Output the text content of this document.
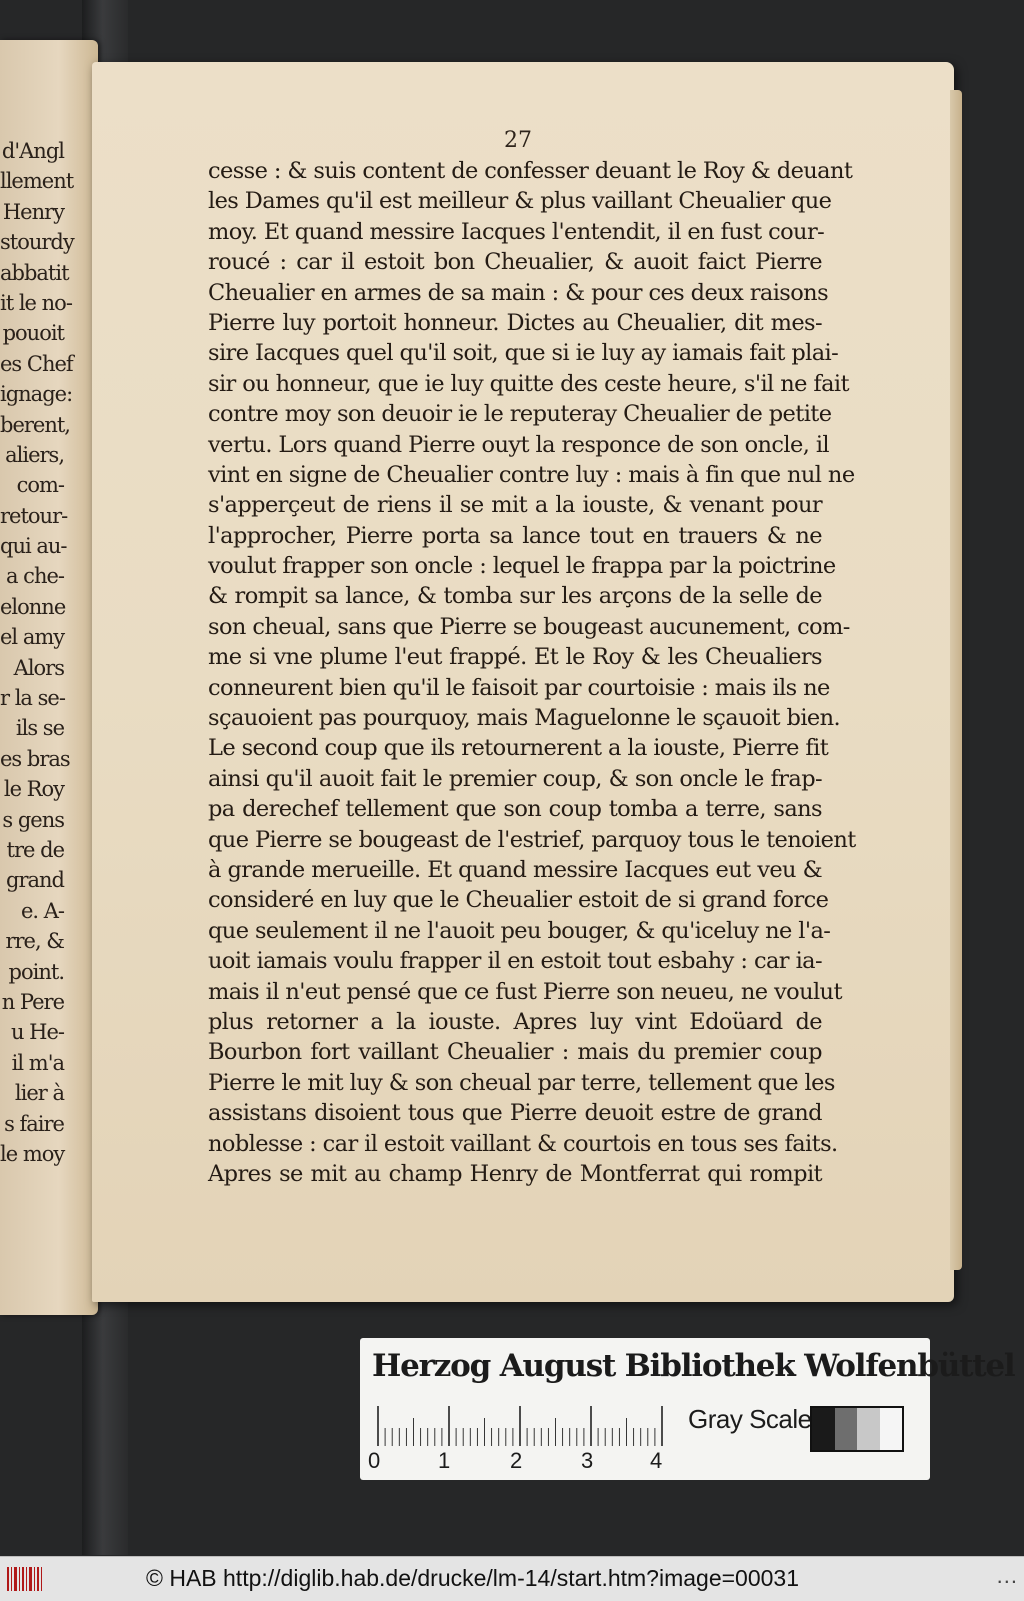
d'Angl
llement
Henry
stourdy
abbatit
it le no-
pouoit
es Chef
ignage:
berent,
aliers,
com-
retour-
qui au-
a che-
elonne
el amy
Alors
r la se-
ils se
es bras
le Roy
s gens
tre de
grand
e. A-
rre, &
point.
n Pere
u He-
il m'a
lier à
s faire
le moy
27
cesse : & suis content de confesser deuant le Roy & deuant
les Dames qu'il est meilleur & plus vaillant Cheualier que
moy. Et quand messire Iacques l'entendit, il en fust cour-
roucé : car il estoit bon Cheualier, & auoit faict Pierre
Cheualier en armes de sa main : & pour ces deux raisons
Pierre luy portoit honneur. Dictes au Cheualier, dit mes-
sire Iacques quel qu'il soit, que si ie luy ay iamais fait plai-
sir ou honneur, que ie luy quitte des ceste heure, s'il ne fait
contre moy son deuoir ie le reputeray Cheualier de petite
vertu. Lors quand Pierre ouyt la responce de son oncle, il
vint en signe de Cheualier contre luy : mais à fin que nul ne
s'apperçeut de riens il se mit a la iouste, & venant pour
l'approcher, Pierre porta sa lance tout en trauers & ne
voulut frapper son oncle : lequel le frappa par la poictrine
& rompit sa lance, & tomba sur les arçons de la selle de
son cheual, sans que Pierre se bougeast aucunement, com-
me si vne plume l'eut frappé. Et le Roy & les Cheualiers
conneurent bien qu'il le faisoit par courtoisie : mais ils ne
sçauoient pas pourquoy, mais Maguelonne le sçauoit bien.
Le second coup que ils retournerent a la iouste, Pierre fit
ainsi qu'il auoit fait le premier coup, & son oncle le frap-
pa derechef tellement que son coup tomba a terre, sans
que Pierre se bougeast de l'estrief, parquoy tous le tenoient
à grande merueille. Et quand messire Iacques eut veu &
consideré en luy que le Cheualier estoit de si grand force
que seulement il ne l'auoit peu bouger, & qu'iceluy ne l'a-
uoit iamais voulu frapper il en estoit tout esbahy : car ia-
mais il n'eut pensé que ce fust Pierre son neueu, ne voulut
plus retorner a la iouste. Apres luy vint Edoüard de
Bourbon fort vaillant Cheualier : mais du premier coup
Pierre le mit luy & son cheual par terre, tellement que les
assistans disoient tous que Pierre deuoit estre de grand
noblesse : car il estoit vaillant & courtois en tous ses faits.
Apres se mit au champ Henry de Montferrat qui rompit
Herzog August Bibliothek Wolfenbüttel
0	1	2	3	4
Gray Scale
© HAB http://diglib.hab.de/drucke/lm-14/start.htm?image=00031	...
